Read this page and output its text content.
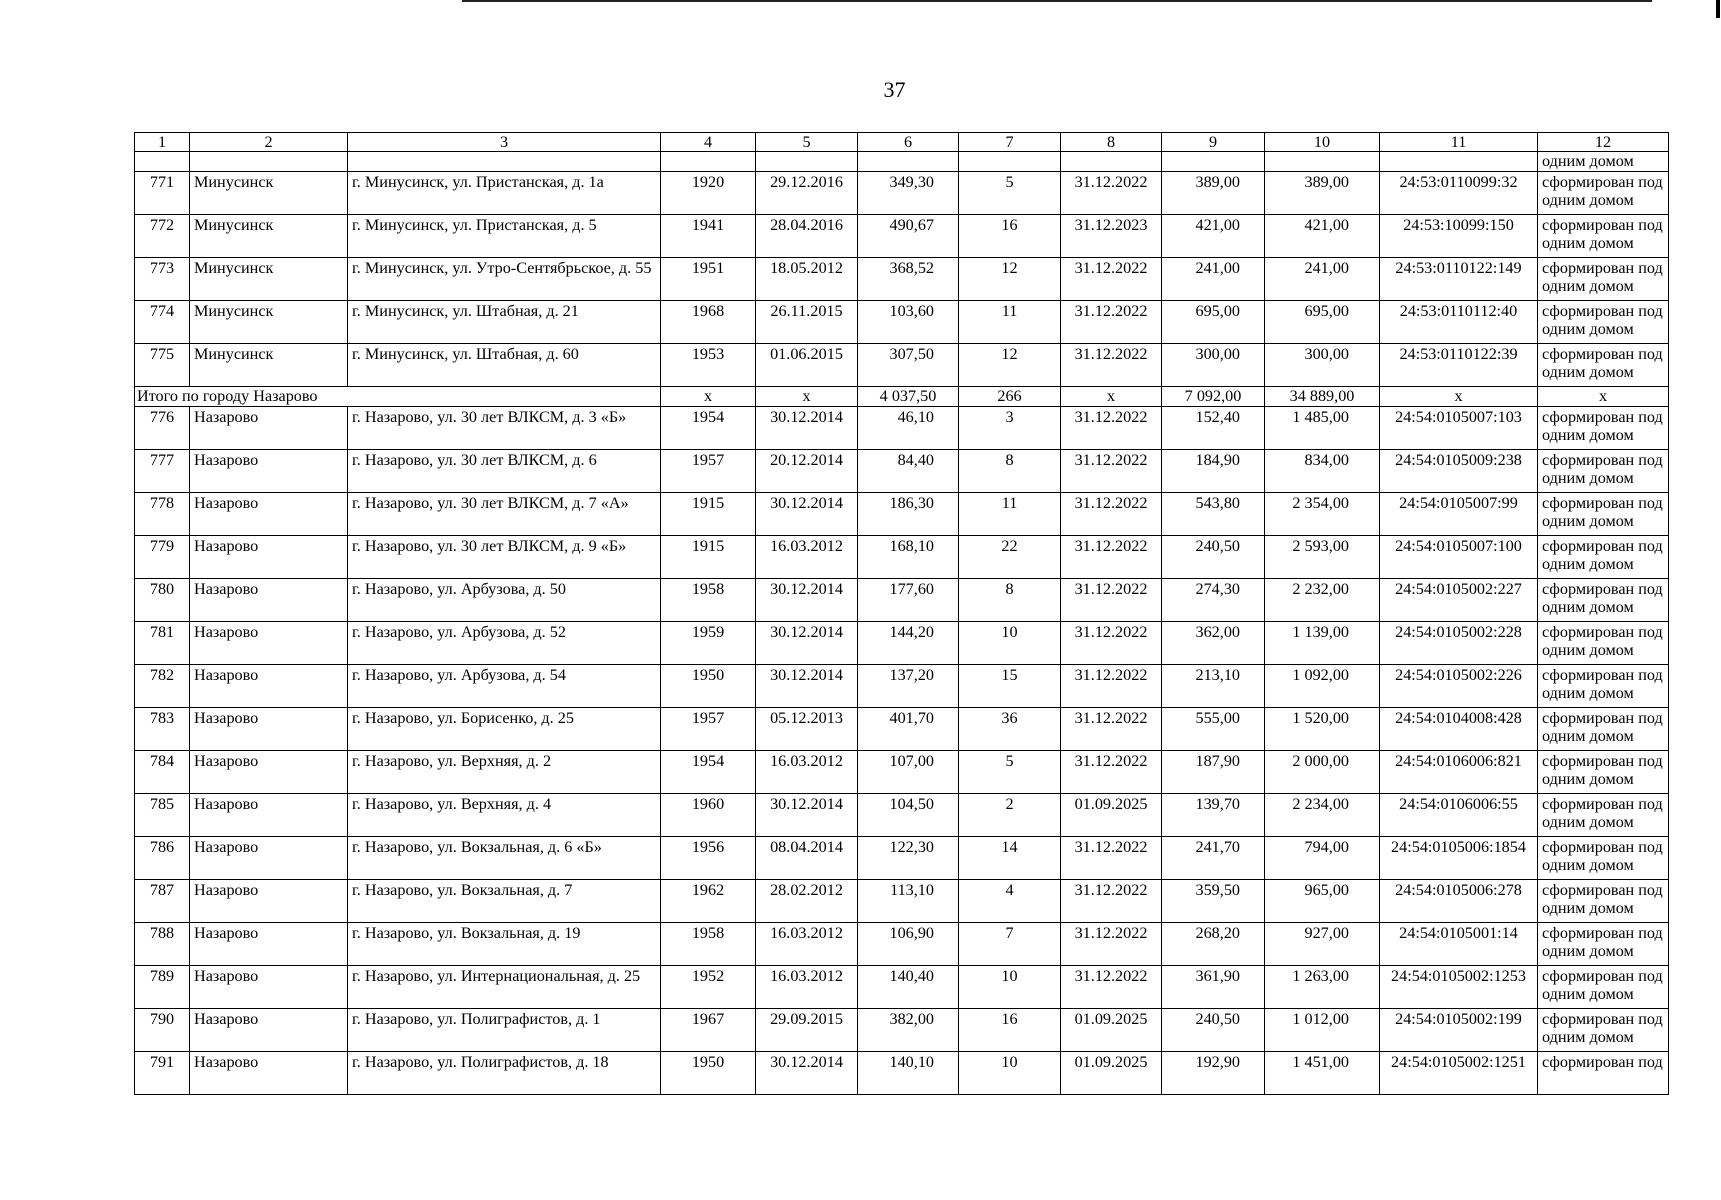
37
1	2	3	4	5	6	7	8	9	10	11	12
											одним домом
771	Минусинск	г. Минусинск, ул. Пристанская, д. 1а	1920	29.12.2016	349,30	5	31.12.2022	389,00	389,00	24:53:0110099:32	сформирован под одним домом
772	Минусинск	г. Минусинск, ул. Пристанская, д. 5	1941	28.04.2016	490,67	16	31.12.2023	421,00	421,00	24:53:10099:150	сформирован под одним домом
773	Минусинск	г. Минусинск, ул. Утро-Сентябрьское, д. 55	1951	18.05.2012	368,52	12	31.12.2022	241,00	241,00	24:53:0110122:149	сформирован под одним домом
774	Минусинск	г. Минусинск, ул. Штабная, д. 21	1968	26.11.2015	103,60	11	31.12.2022	695,00	695,00	24:53:0110112:40	сформирован под одним домом
775	Минусинск	г. Минусинск, ул. Штабная, д. 60	1953	01.06.2015	307,50	12	31.12.2022	300,00	300,00	24:53:0110122:39	сформирован под одним домом
Итого по городу Назарово			x	x	4 037,50	266	x	7 092,00	34 889,00	x	x
776	Назарово	г. Назарово, ул. 30 лет ВЛКСМ, д. 3 «Б»	1954	30.12.2014	46,10	3	31.12.2022	152,40	1 485,00	24:54:0105007:103	сформирован под одним домом
777	Назарово	г. Назарово, ул. 30 лет ВЛКСМ, д. 6	1957	20.12.2014	84,40	8	31.12.2022	184,90	834,00	24:54:0105009:238	сформирован под одним домом
778	Назарово	г. Назарово, ул. 30 лет ВЛКСМ, д. 7 «А»	1915	30.12.2014	186,30	11	31.12.2022	543,80	2 354,00	24:54:0105007:99	сформирован под одним домом
779	Назарово	г. Назарово, ул. 30 лет ВЛКСМ, д. 9 «Б»	1915	16.03.2012	168,10	22	31.12.2022	240,50	2 593,00	24:54:0105007:100	сформирован под одним домом
780	Назарово	г. Назарово, ул. Арбузова, д. 50	1958	30.12.2014	177,60	8	31.12.2022	274,30	2 232,00	24:54:0105002:227	сформирован под одним домом
781	Назарово	г. Назарово, ул. Арбузова, д. 52	1959	30.12.2014	144,20	10	31.12.2022	362,00	1 139,00	24:54:0105002:228	сформирован под одним домом
782	Назарово	г. Назарово, ул. Арбузова, д. 54	1950	30.12.2014	137,20	15	31.12.2022	213,10	1 092,00	24:54:0105002:226	сформирован под одним домом
783	Назарово	г. Назарово, ул. Борисенко, д. 25	1957	05.12.2013	401,70	36	31.12.2022	555,00	1 520,00	24:54:0104008:428	сформирован под одним домом
784	Назарово	г. Назарово, ул. Верхняя, д. 2	1954	16.03.2012	107,00	5	31.12.2022	187,90	2 000,00	24:54:0106006:821	сформирован под одним домом
785	Назарово	г. Назарово, ул. Верхняя, д. 4	1960	30.12.2014	104,50	2	01.09.2025	139,70	2 234,00	24:54:0106006:55	сформирован под одним домом
786	Назарово	г. Назарово, ул. Вокзальная, д. 6 «Б»	1956	08.04.2014	122,30	14	31.12.2022	241,70	794,00	24:54:0105006:1854	сформирован под одним домом
787	Назарово	г. Назарово, ул. Вокзальная, д. 7	1962	28.02.2012	113,10	4	31.12.2022	359,50	965,00	24:54:0105006:278	сформирован под одним домом
788	Назарово	г. Назарово, ул. Вокзальная, д. 19	1958	16.03.2012	106,90	7	31.12.2022	268,20	927,00	24:54:0105001:14	сформирован под одним домом
789	Назарово	г. Назарово, ул. Интернациональная, д. 25	1952	16.03.2012	140,40	10	31.12.2022	361,90	1 263,00	24:54:0105002:1253	сформирован под одним домом
790	Назарово	г. Назарово, ул. Полиграфистов, д. 1	1967	29.09.2015	382,00	16	01.09.2025	240,50	1 012,00	24:54:0105002:199	сформирован под одним домом
791	Назарово	г. Назарово, ул. Полиграфистов, д. 18	1950	30.12.2014	140,10	10	01.09.2025	192,90	1 451,00	24:54:0105002:1251	сформирован под
